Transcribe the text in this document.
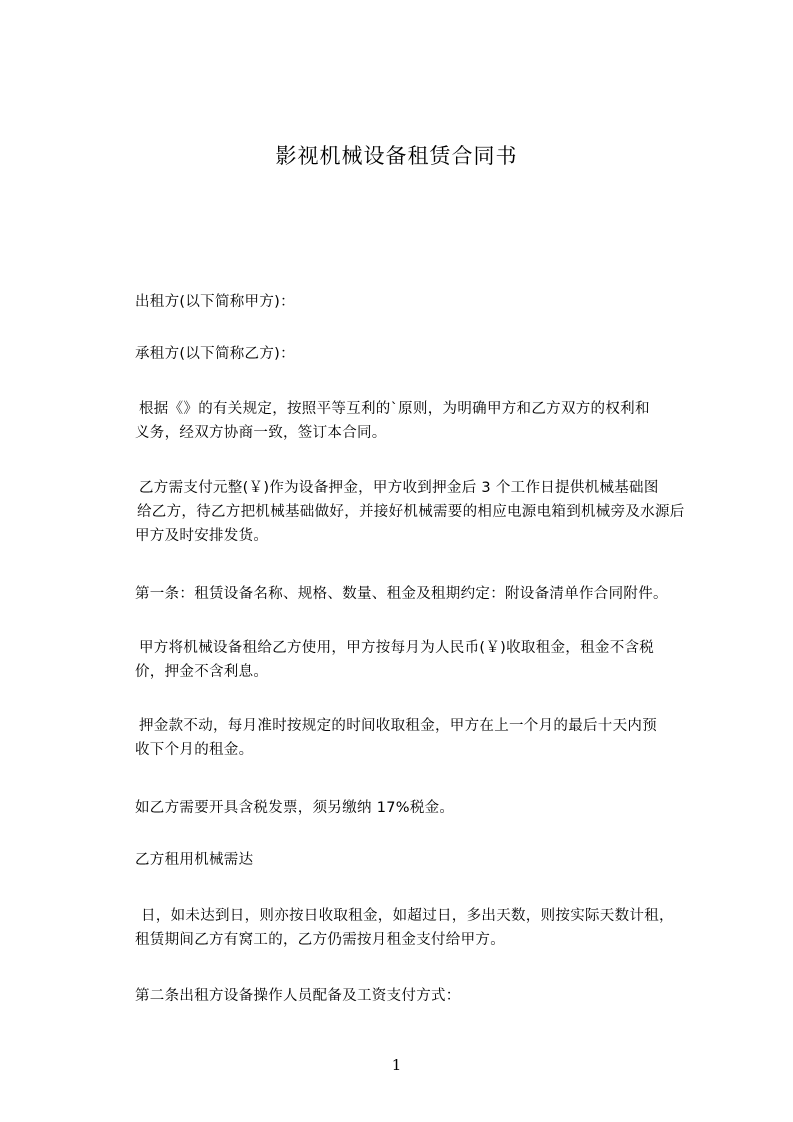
影视机械设备租赁合同书
出租方(以下简称甲方)：
承租方(以下简称乙方)：
根据《》的有关规定，按照平等互利的`原则，为明确甲方和乙方双方的权利和
义务，经双方协商一致，签订本合同。
乙方需支付元整(￥)作为设备押金，甲方收到押金后 3 个工作日提供机械基础图
给乙方，待乙方把机械基础做好，并接好机械需要的相应电源电箱到机械旁及水源后
甲方及时安排发货。
第一条：租赁设备名称、规格、数量、租金及租期约定：附设备清单作合同附件。
甲方将机械设备租给乙方使用，甲方按每月为人民币(￥)收取租金，租金不含税
价，押金不含利息。
押金款不动，每月准时按规定的时间收取租金，甲方在上一个月的最后十天内预
收下个月的租金。
如乙方需要开具含税发票，须另缴纳 17%税金。
乙方租用机械需达
日，如未达到日，则亦按日收取租金，如超过日，多出天数，则按实际天数计租，
租赁期间乙方有窝工的，乙方仍需按月租金支付给甲方。
第二条出租方设备操作人员配备及工资支付方式：
1
